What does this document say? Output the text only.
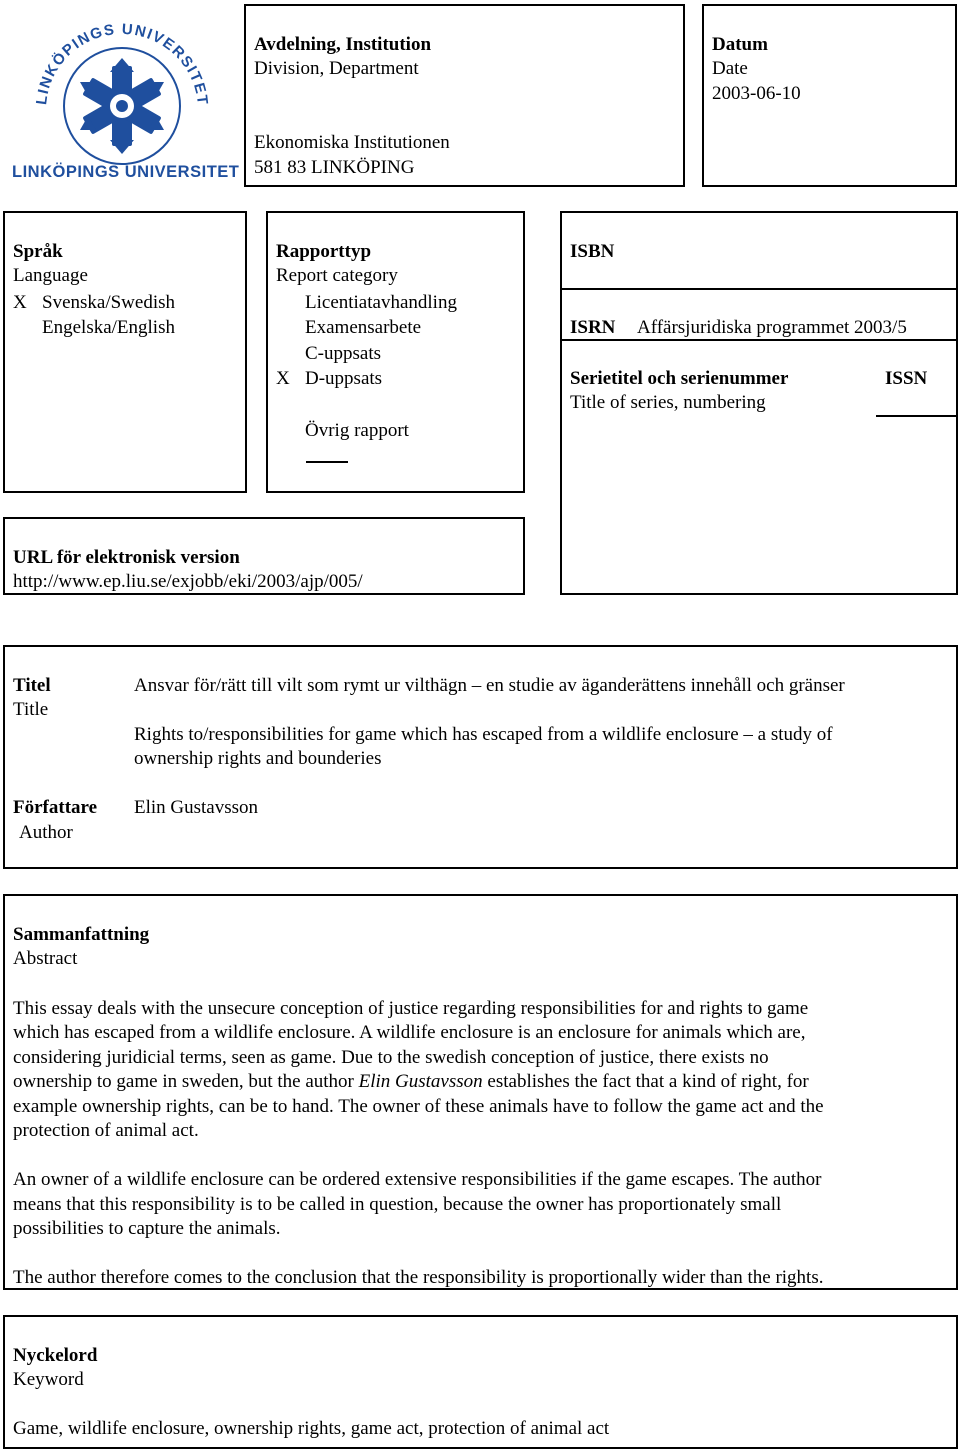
LINKÖPINGS UNIVERSITET
LINKÖPINGS UNIVERSITET
Avdelning, Institution
Division, Department
Ekonomiska Institutionen
581 83 LINKÖPING
Datum
Date
2003-06-10
Språk
Language
X Svenska/Swedish
Engelska/English
Rapporttyp
Report category
Licentiatavhandling
Examensarbete
C-uppsats
X D-uppsats
Övrig rapport
ISBN
ISRN Affärsjuridiska programmet 2003/5
Serietitel och serienummer
Title of series, numbering
ISSN
URL för elektronisk version
http://www.ep.liu.se/exjobb/eki/2003/ajp/005/
Titel
Title
Ansvar för/rätt till vilt som rymt ur vilthägn – en studie av äganderättens innehåll och gränser
Rights to/responsibilities for game which has escaped from a wildlife enclosure – a study of
ownership rights and bounderies
Författare
Author
Elin Gustavsson
Sammanfattning
Abstract
This essay deals with the unsecure conception of justice regarding responsibilities for and rights to game
which has escaped from a wildlife enclosure. A wildlife enclosure is an enclosure for animals which are,
considering juridicial terms, seen as game. Due to the swedish conception of justice, there exists no
ownership to game in sweden, but the author Elin Gustavsson establishes the fact that a kind of right, for
example ownership rights, can be to hand. The owner of these animals have to follow the game act and the
protection of animal act.
An owner of a wildlife enclosure can be ordered extensive responsibilities if the game escapes. The author
means that this responsibility is to be called in question, because the owner has proportionately small
possibilities to capture the animals.
The author therefore comes to the conclusion that the responsibility is proportionally wider than the rights.
Nyckelord
Keyword
Game, wildlife enclosure, ownership rights, game act, protection of animal act
